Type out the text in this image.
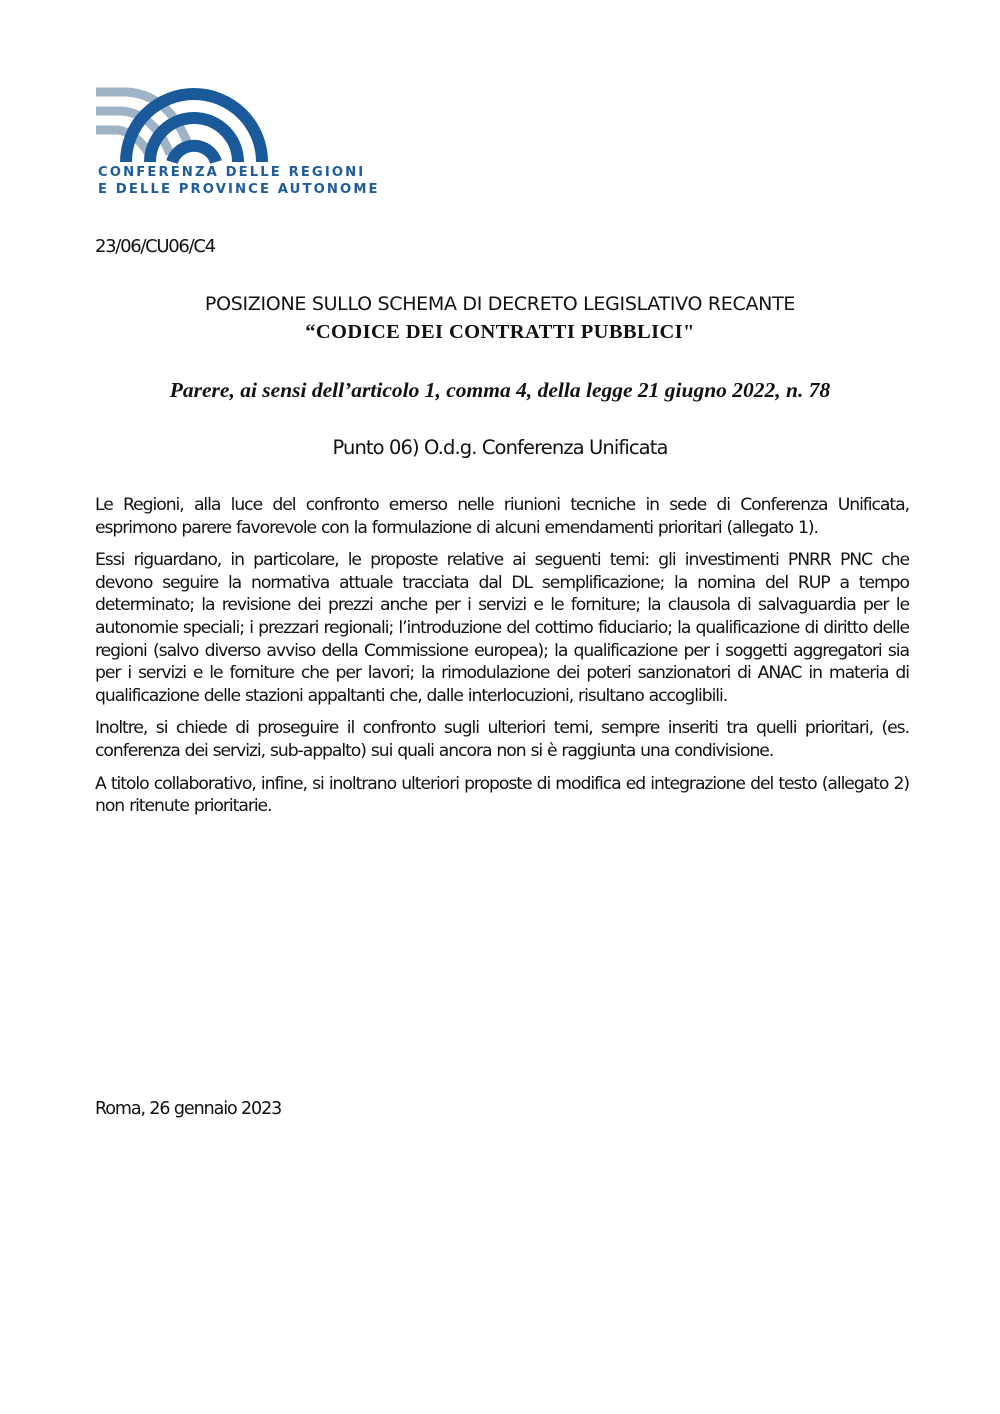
CONFERENZA DELLE REGIONI
E DELLE PROVINCE AUTONOME
23/06/CU06/C4
POSIZIONE SULLO SCHEMA DI DECRETO LEGISLATIVO RECANTE
“CODICE DEI CONTRATTI PUBBLICI"
Parere, ai sensi dell’articolo 1, comma 4, della legge 21 giugno 2022, n. 78
Punto 06) O.d.g. Conferenza Unificata

Le Regioni, alla luce del confronto emerso nelle riunioni tecniche in sede di Conferenza Unificata, esprimono parere favorevole con la formulazione di alcuni emendamenti prioritari (allegato 1).

Essi riguardano, in particolare, le proposte relative ai seguenti temi: gli investimenti PNRR PNC che devono seguire la normativa attuale tracciata dal DL semplificazione; la nomina del RUP a tempo determinato; la revisione dei prezzi anche per i servizi e le forniture; la clausola di salvaguardia per le autonomie speciali; i prezzari regionali; l’introduzione del cottimo fiduciario; la qualificazione di diritto delle regioni (salvo diverso avviso della Commissione europea); la qualificazione per i soggetti aggregatori sia per i servizi e le forniture che per lavori; la rimodulazione dei poteri sanzionatori di ANAC in materia di qualificazione delle stazioni appaltanti che, dalle interlocuzioni, risultano accoglibili.

Inoltre, si chiede di proseguire il confronto sugli ulteriori temi, sempre inseriti tra quelli prioritari, (es. conferenza dei servizi, sub-appalto) sui quali ancora non si è raggiunta una condivisione.

A titolo collaborativo, infine, si inoltrano ulteriori proposte di modifica ed integrazione del testo (allegato 2) non ritenute prioritarie.

Roma, 26 gennaio 2023
